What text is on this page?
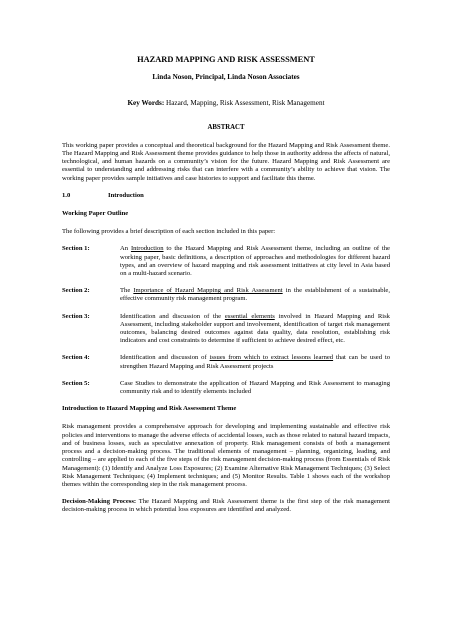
HAZARD MAPPING AND RISK ASSESSMENT
Linda Noson, Principal, Linda Noson Associates
Key Words: Hazard, Mapping, Risk Assessment, Risk Management
ABSTRACT

This working paper provides a conceptual and theoretical background for the Hazard Mapping and Risk Assessment theme. The Hazard Mapping and Risk Assessment theme provides guidance to help those in authority address the affects of natural, technological, and human hazards on a community’s vision for the future. Hazard Mapping and Risk Assessment are essential to understanding and addressing risks that can interfere with a community’s ability to achieve that vision. The working paper provides sample initiatives and case histories to support and facilitate this theme.

1.0	Introduction
Working Paper Outline

The following provides a brief description of each section included in this paper:

Section 1:	An Introduction to the Hazard Mapping and Risk Assessment theme, including an outline of the working paper, basic definitions, a description of approaches and methodologies for different hazard types, and an overview of hazard mapping and risk assessment initiatives at city level in Asia based on a multi-hazard scenario.
Section 2:	The Importance of Hazard Mapping and Risk Assessment in the establishment of a sustainable, effective community risk management program.
Section 3:	Identification and discussion of the essential elements involved in Hazard Mapping and Risk Assessment, including stakeholder support and involvement, identification of target risk management outcomes, balancing desired outcomes against data quality, data resolution, establishing risk indicators and cost constraints to determine if sufficient to achieve desired effect, etc.
Section 4:	Identification and discussion of issues from which to extract lessons learned that can be used to strengthen Hazard Mapping and Risk Assessment projects
Section 5:	Case Studies to demonstrate the application of Hazard Mapping and Risk Assessment to managing community risk and to identify elements included
Introduction to Hazard Mapping and Risk Assessment Theme

Risk management provides a comprehensive approach for developing and implementing sustainable and effective risk policies and interventions to manage the adverse effects of accidental losses, such as those related to natural hazard impacts, and of business losses, such as speculative annexation of property. Risk management consists of both a management process and a decision-making process. The traditional elements of management – planning, organizing, leading, and controlling – are applied to each of the five steps of the risk management decision-making process (from Essentials of Risk Management): (1) Identify and Analyze Loss Exposures; (2) Examine Alternative Risk Management Techniques; (3) Select Risk Management Techniques; (4) Implement techniques; and (5) Monitor Results. Table 1 shows each of the workshop themes within the corresponding step in the risk management process.

Decision-Making Process: The Hazard Mapping and Risk Assessment theme is the first step of the risk management decision-making process in which potential loss exposures are identified and analyzed.
